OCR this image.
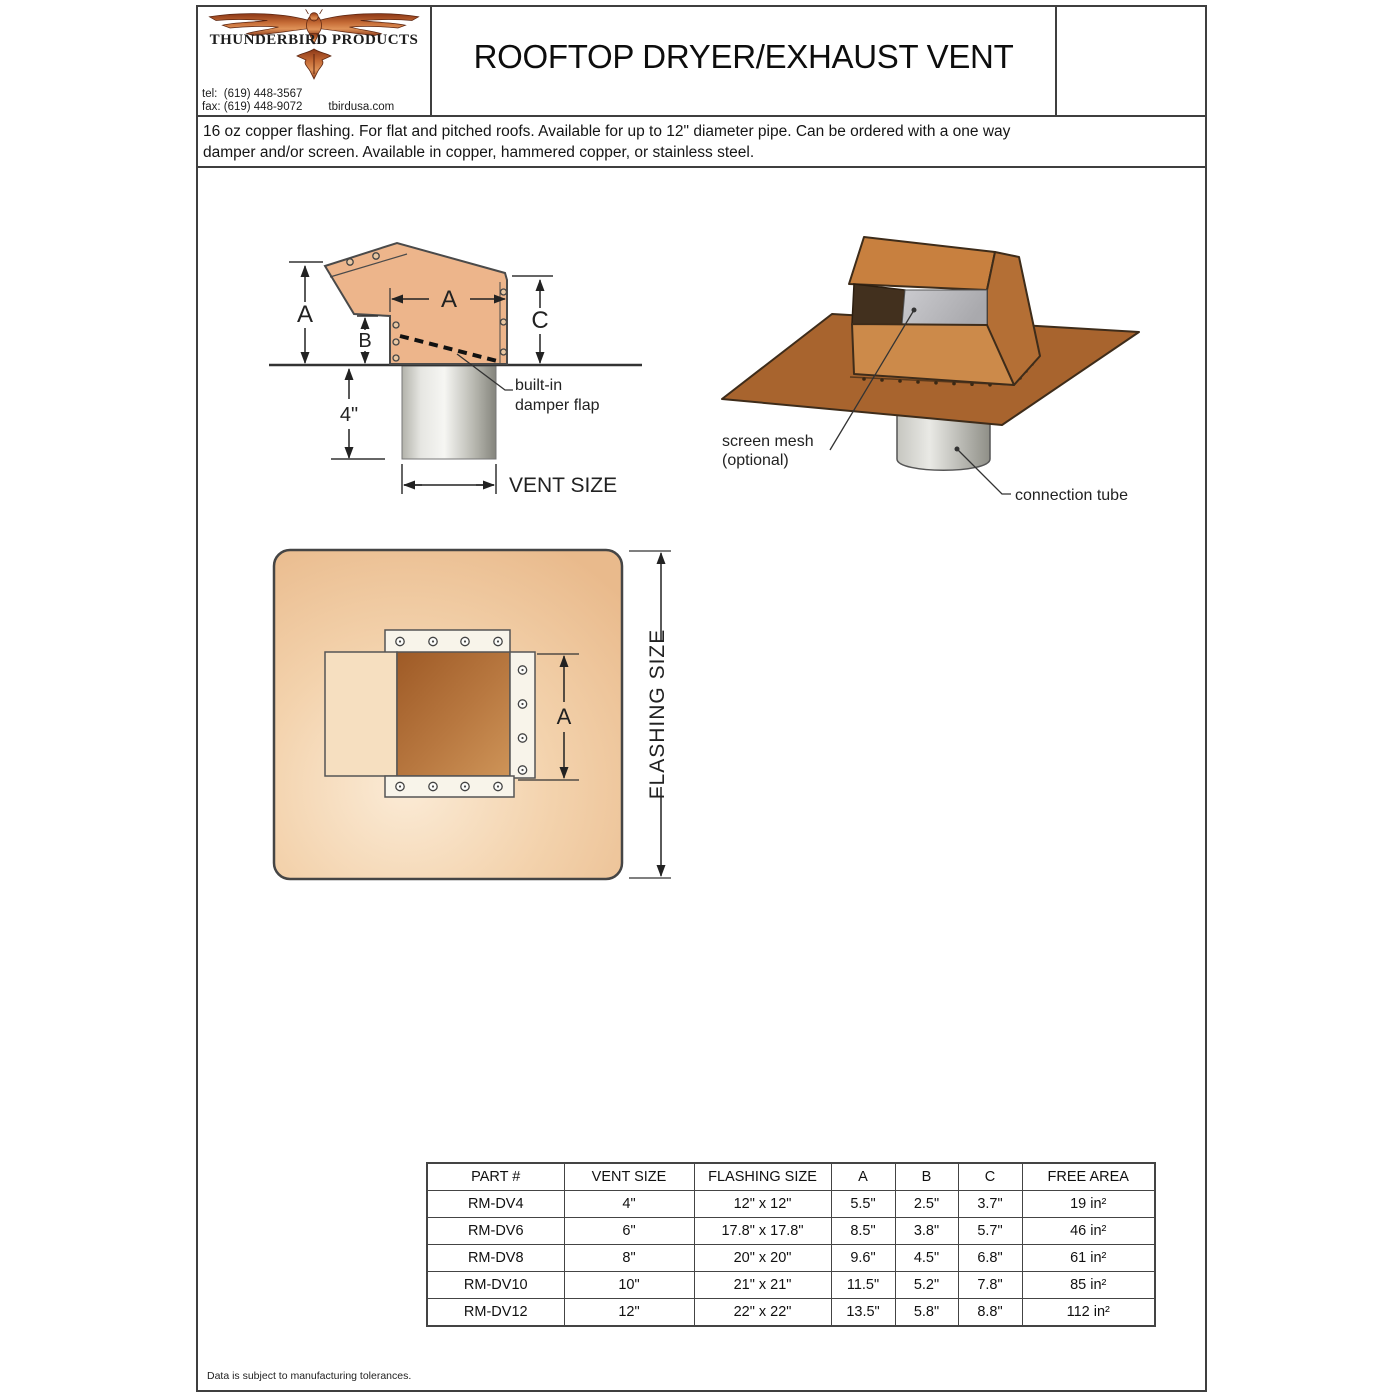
THUNDERBIRD PRODUCTS
tel: (619) 448-3567
fax: (619) 448-9072 tbirdusa.com
ROOFTOP DRYER/EXHAUST VENT
16 oz copper flashing. For flat and pitched roofs. Available for up to 12" diameter pipe. Can be ordered with a one way
damper and/or screen. Available in copper, hammered copper, or stainless steel.
A
B
C
A
4"
VENT SIZE
built-in
damper flap
screen mesh
(optional)
connection tube
A	FLASHING SIZE
PART #	VENT SIZE	FLASHING SIZE	A	B	C	FREE AREA
RM-DV4	4"	12" x 12"	5.5"	2.5"	3.7"	19 in²
RM-DV6	6"	17.8" x 17.8"	8.5"	3.8"	5.7"	46 in²
RM-DV8	8"	20" x 20"	9.6"	4.5"	6.8"	61 in²
RM-DV10	10"	21" x 21"	11.5"	5.2"	7.8"	85 in²
RM-DV12	12"	22" x 22"	13.5"	5.8"	8.8"	112 in²
Data is subject to manufacturing tolerances.
